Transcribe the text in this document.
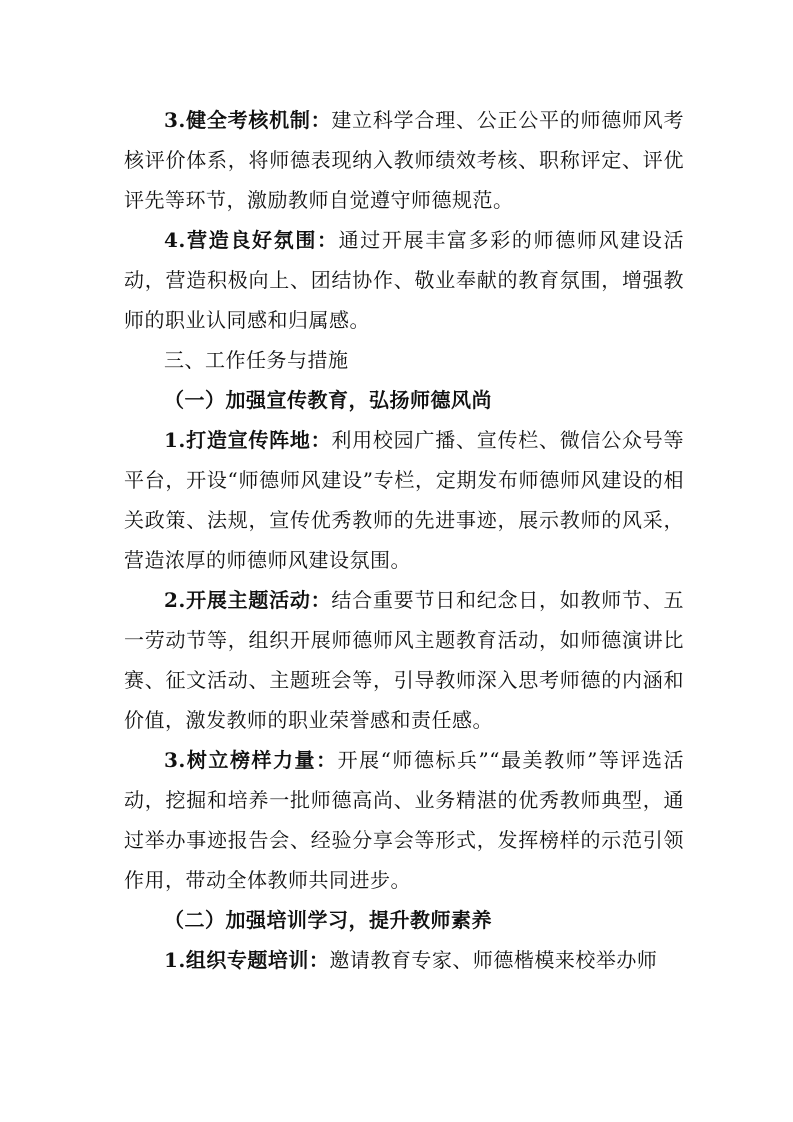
3.健全考核机制：建立科学合理、公正公平的师德师风考核评价体系，将师德表现纳入教师绩效考核、职称评定、评优评先等环节，激励教师自觉遵守师德规范。

4.营造良好氛围：通过开展丰富多彩的师德师风建设活动，营造积极向上、团结协作、敬业奉献的教育氛围，增强教师的职业认同感和归属感。

三、工作任务与措施

（一）加强宣传教育，弘扬师德风尚

1.打造宣传阵地：利用校园广播、宣传栏、微信公众号等平台，开设“师德师风建设”专栏，定期发布师德师风建设的相关政策、法规，宣传优秀教师的先进事迹，展示教师的风采，营造浓厚的师德师风建设氛围。

2.开展主题活动：结合重要节日和纪念日，如教师节、五一劳动节等，组织开展师德师风主题教育活动，如师德演讲比赛、征文活动、主题班会等，引导教师深入思考师德的内涵和价值，激发教师的职业荣誉感和责任感。

3.树立榜样力量：开展“师德标兵”“最美教师”等评选活动，挖掘和培养一批师德高尚、业务精湛的优秀教师典型，通过举办事迹报告会、经验分享会等形式，发挥榜样的示范引领作用，带动全体教师共同进步。

（二）加强培训学习，提升教师素养

1.组织专题培训：邀请教育专家、师德楷模来校举办师
